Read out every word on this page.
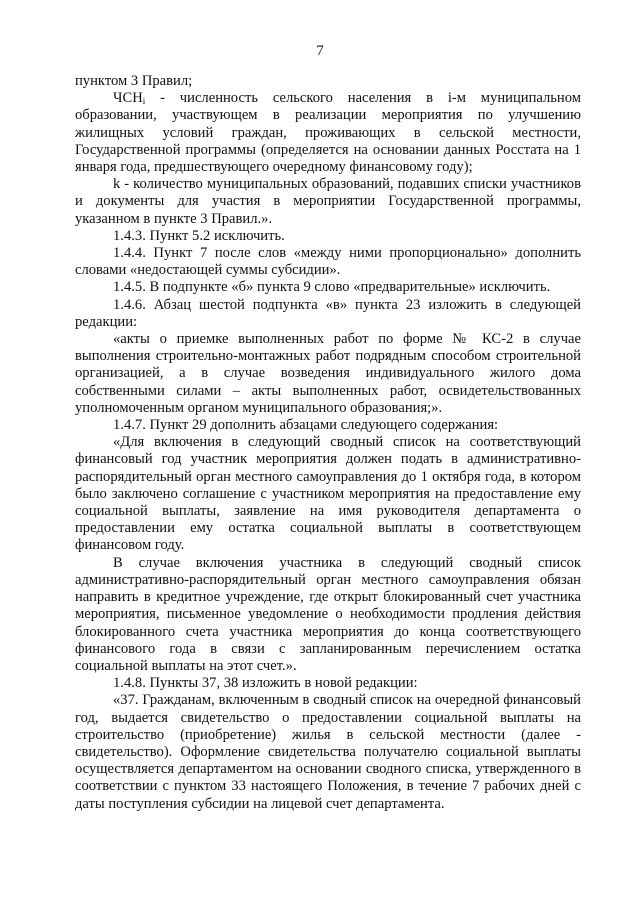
7

пунктом 3 Правил;

$ЧСН_i$ - численность сельского населения в i-м муниципальном образовании, участвующем в реализации мероприятия по улучшению жилищных условий граждан, проживающих в сельской местности, Государственной программы (определяется на основании данных Росстата на 1 января года, предшествующего очередному финансовому году);

k - количество муниципальных образований, подавших списки участников и документы для участия в мероприятии Государственной программы, указанном в пункте 3 Правил.».

1.4.3. Пункт 5.2 исключить.

1.4.4. Пункт 7 после слов «между ними пропорционально» дополнить словами «недостающей суммы субсидии».

1.4.5. В подпункте «б» пункта 9 слово «предварительные» исключить.

1.4.6. Абзац шестой подпункта «в» пункта 23 изложить в следующей редакции:

«акты о приемке выполненных работ по форме № КС-2 в случае выполнения строительно-монтажных работ подрядным способом строительной организацией, а в случае возведения индивидуального жилого дома собственными силами – акты выполненных работ, освидетельствованных уполномоченным органом муниципального образования;».

1.4.7. Пункт 29 дополнить абзацами следующего содержания:

«Для включения в следующий сводный список на соответствующий финансовый год участник мероприятия должен подать в административно-распорядительный орган местного самоуправления до 1 октября года, в котором было заключено соглашение с участником мероприятия на предоставление ему социальной выплаты, заявление на имя руководителя департамента о предоставлении ему остатка социальной выплаты в соответствующем финансовом году.

В случае включения участника в следующий сводный список административно-распорядительный орган местного самоуправления обязан направить в кредитное учреждение, где открыт блокированный счет участника мероприятия, письменное уведомление о необходимости продления действия блокированного счета участника мероприятия до конца соответствующего финансового года в связи с запланированным перечислением остатка социальной выплаты на этот счет.».

1.4.8. Пункты 37, 38 изложить в новой редакции:

«37. Гражданам, включенным в сводный список на очередной финансовый год, выдается свидетельство о предоставлении социальной выплаты на строительство (приобретение) жилья в сельской местности (далее - свидетельство). Оформление свидетельства получателю социальной выплаты осуществляется департаментом на основании сводного списка, утвержденного в соответствии с пунктом 33 настоящего Положения, в течение 7 рабочих дней с даты поступления субсидии на лицевой счет департамента.
